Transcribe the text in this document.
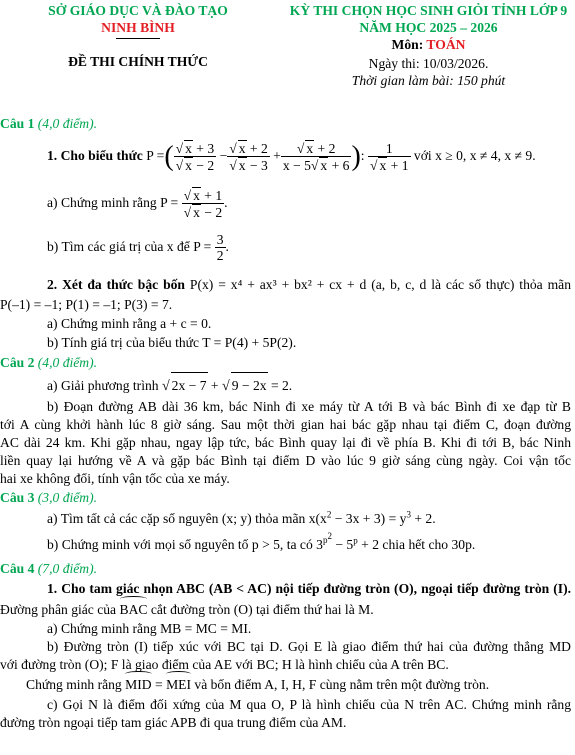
SỞ GIÁO DỤC VÀ ĐÀO TẠO
NINH BÌNH
ĐỀ THI CHÍNH THỨC
KỲ THI CHỌN HỌC SINH GIỎI TỈNH LỚP 9
NĂM HỌC 2025 – 2026
Môn: TOÁN
Ngày thi: 10/03/2026.
Thời gian làm bài: 150 phút
Câu 1 (4,0 điểm).
1. Cho biểu thức P =( $\frac{√ x + 3}{√ x - 2} - \frac{√ x + 2}{√ x - 3} + \frac{√ x + 2}{x - 5√ x + 6}$ ): $\frac{1}{√ x + 1}$ với x ≥ 0, x ≠ 4, x ≠ 9.
a) Chứng minh rằng $P = \frac{√ x + 1}{√ x - 2}$ .
b) Tìm các giá trị của x để $P = \frac{3}{2}$ .
2. Xét đa thức bậc bốn P(x) = x⁴ + ax³ + bx² + cx + d (a, b, c, d là các số thực) thỏa mãn
P(–1) = –1; P(1) = –1; P(3) = 7.
a) Chứng minh rằng a + c = 0.
b) Tính giá trị của biểu thức T = P(4) + 5P(2).
Câu 2 (4,0 điểm).
a) Giải phương trình √ 2x − 7 + √ 9 − 2x = 2.
b) Đoạn đường AB dài 36 km, bác Ninh đi xe máy từ A tới B và bác Bình đi xe đạp từ B
tới A cùng khởi hành lúc 8 giờ sáng. Sau một thời gian hai bác gặp nhau tại điểm C, đoạn đường
AC dài 24 km. Khi gặp nhau, ngay lập tức, bác Bình quay lại đi về phía B. Khi đi tới B, bác Ninh
liền quay lại hướng về A và gặp bác Bình tại điểm D vào lúc 9 giờ sáng cùng ngày. Coi vận tốc
hai xe không đổi, tính vận tốc của xe máy.
Câu 3 (3,0 điểm).
a) Tìm tất cả các cặp số nguyên (x; y) thỏa mãn $x(x^2 - 3x + 3) = y^3 + 2$.
b) Chứng minh với mọi số nguyên tố p > 5, ta có $3^{p^2} - 5^p + 2$ chia hết cho 30p.
Câu 4 (7,0 điểm).
1. Cho tam giác nhọn ABC (AB < AC) nội tiếp đường tròn (O), ngoại tiếp đường tròn (I).
Đường phân giác của BAC cắt đường tròn (O) tại điểm thứ hai là M.
a) Chứng minh rằng MB = MC = MI.
b) Đường tròn (I) tiếp xúc với BC tại D. Gọi E là giao điểm thứ hai của đường thẳng MD
với đường tròn (O); F là giao điểm của AE với BC; H là hình chiếu của A trên BC.
Chứng minh rằng MID = MEI và bốn điểm A, I, H, F cùng nằm trên một đường tròn.
c) Gọi N là điểm đối xứng của M qua O, P là hình chiếu của N trên AC. Chứng minh rằng
đường tròn ngoại tiếp tam giác APB đi qua trung điểm của AM.
